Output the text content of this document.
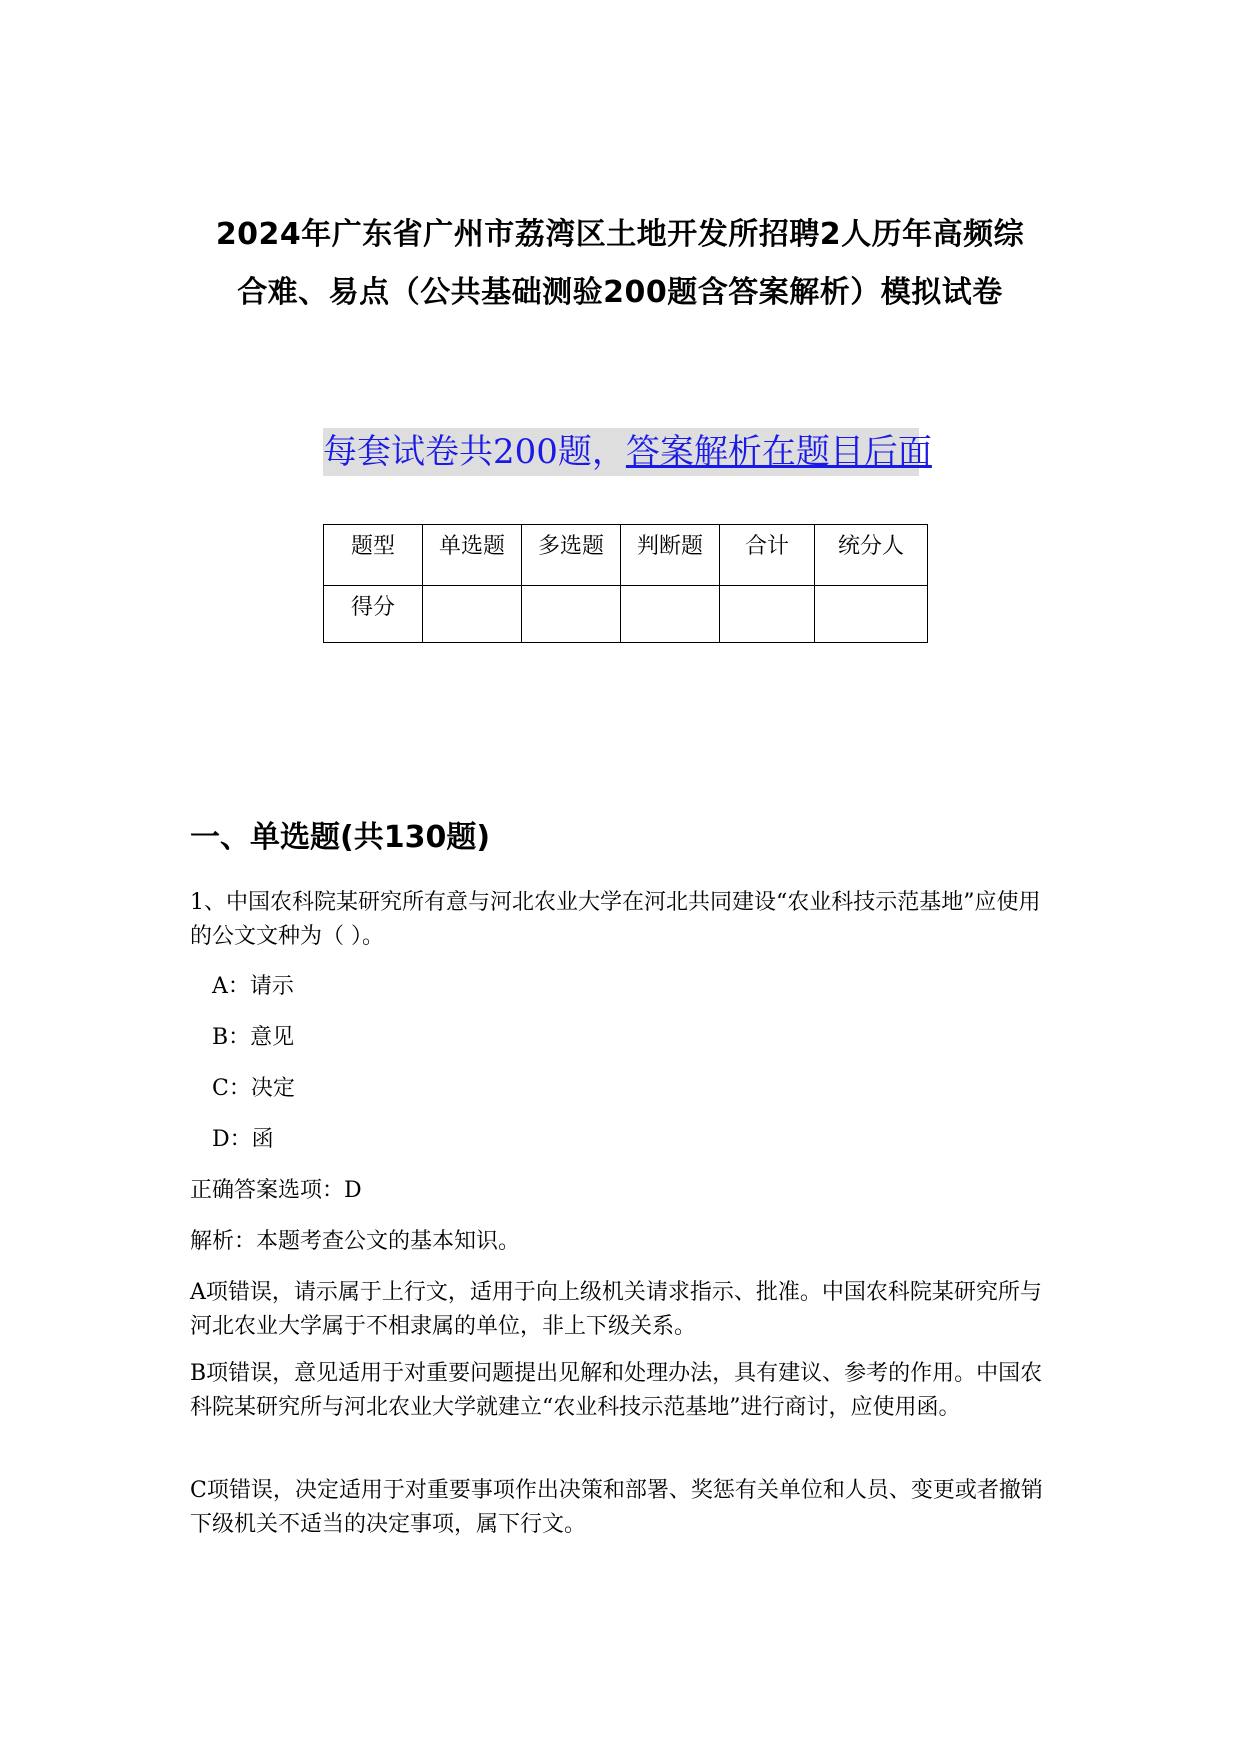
2024年广东省广州市荔湾区土地开发所招聘2人历年高频综
合难、易点（公共基础测验200题含答案解析）模拟试卷
每套试卷共200题，答案解析在题目后面
题型	单选题	多选题	判断题	合计	统分人
得分					
一、单选题(共130题)
1、中国农科院某研究所有意与河北农业大学在河北共同建设“农业科技示范基地”应使用的公文文种为（ ）。
A：请示
B：意见
C：决定
D：函
正确答案选项：D
解析：本题考查公文的基本知识。
A项错误，请示属于上行文，适用于向上级机关请求指示、批准。中国农科院某研究所与河北农业大学属于不相隶属的单位，非上下级关系。
B项错误，意见适用于对重要问题提出见解和处理办法，具有建议、参考的作用。中国农科院某研究所与河北农业大学就建立“农业科技示范基地”进行商讨，应使用函。
C项错误，决定适用于对重要事项作出决策和部署、奖惩有关单位和人员、变更或者撤销下级机关不适当的决定事项，属下行文。
